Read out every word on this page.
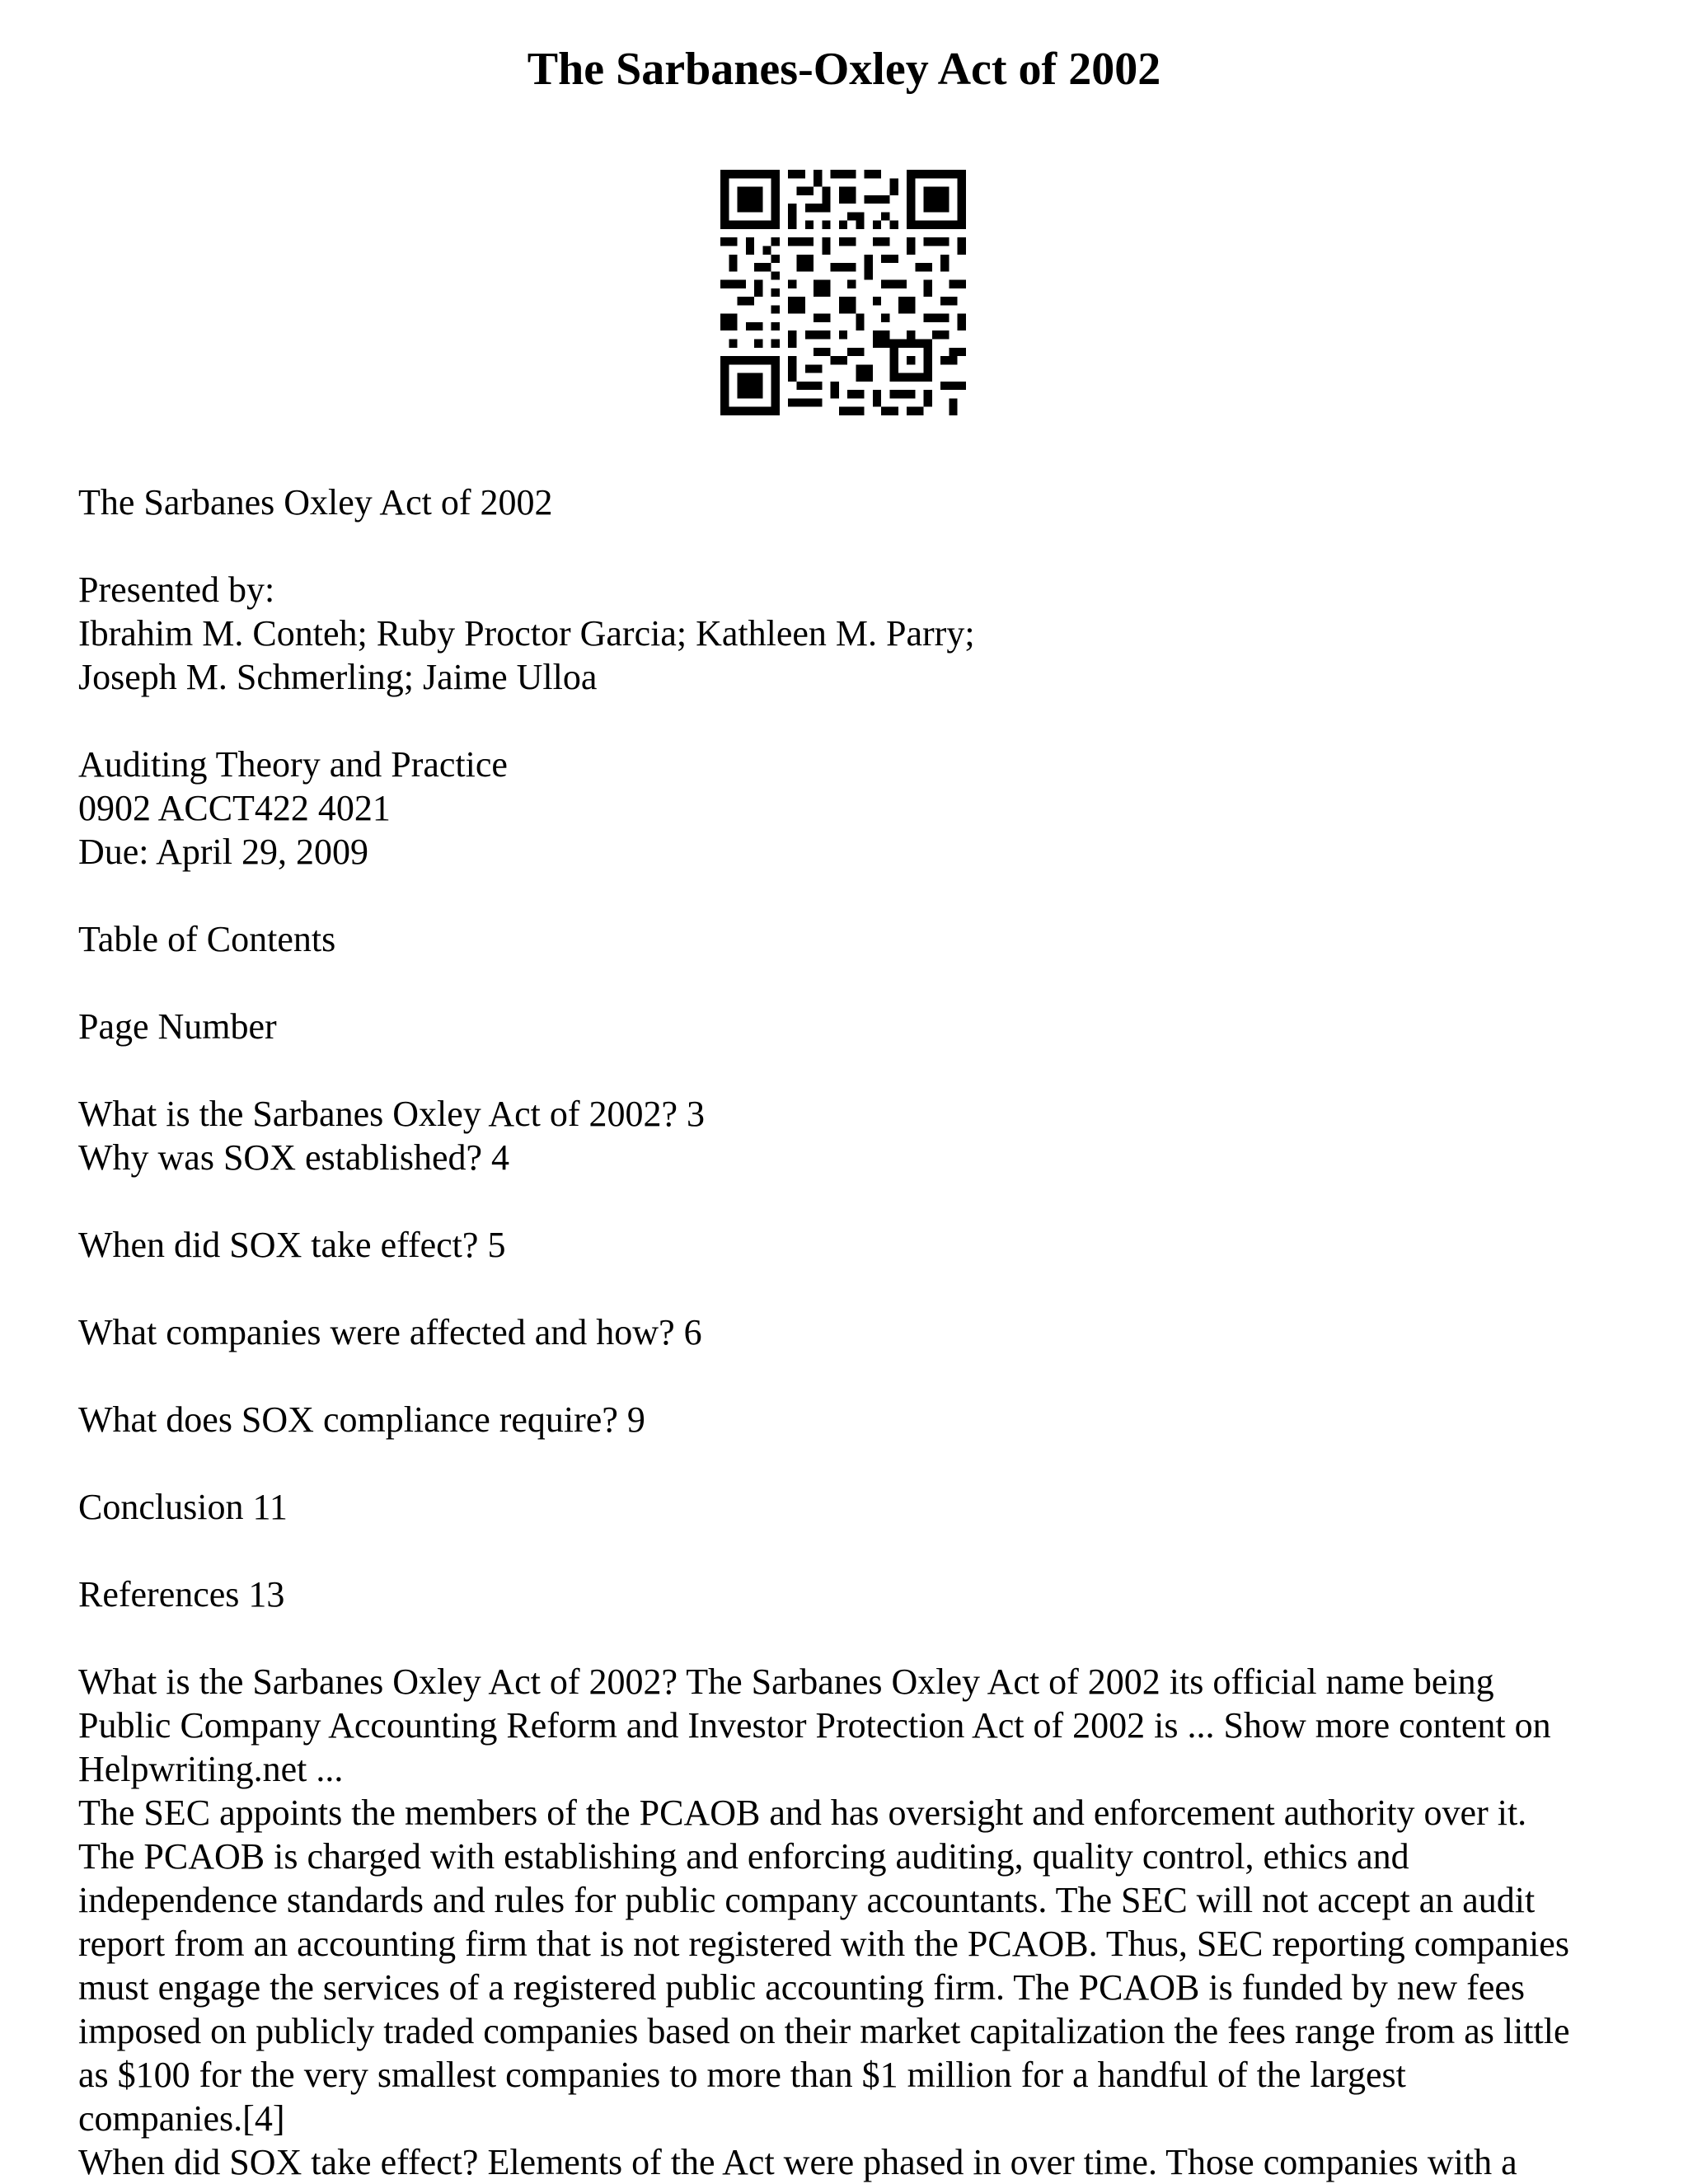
The Sarbanes-Oxley Act of 2002
The Sarbanes Oxley Act of 2002
Presented by:
Ibrahim M. Conteh; Ruby Proctor Garcia; Kathleen M. Parry;
Joseph M. Schmerling; Jaime Ulloa
Auditing Theory and Practice
0902 ACCT422 4021
Due: April 29, 2009
Table of Contents
Page Number
What is the Sarbanes Oxley Act of 2002? 3
Why was SOX established? 4
When did SOX take effect? 5
What companies were affected and how? 6
What does SOX compliance require? 9
Conclusion 11
References 13
What is the Sarbanes Oxley Act of 2002? The Sarbanes Oxley Act of 2002 its official name being
Public Company Accounting Reform and Investor Protection Act of 2002 is ... Show more content on
Helpwriting.net ...
The SEC appoints the members of the PCAOB and has oversight and enforcement authority over it.
The PCAOB is charged with establishing and enforcing auditing, quality control, ethics and
independence standards and rules for public company accountants. The SEC will not accept an audit
report from an accounting firm that is not registered with the PCAOB. Thus, SEC reporting companies
must engage the services of a registered public accounting firm. The PCAOB is funded by new fees
imposed on publicly traded companies based on their market capitalization the fees range from as little
as $100 for the very smallest companies to more than $1 million for a handful of the largest
companies.[4]
When did SOX take effect? Elements of the Act were phased in over time. Those companies with a
